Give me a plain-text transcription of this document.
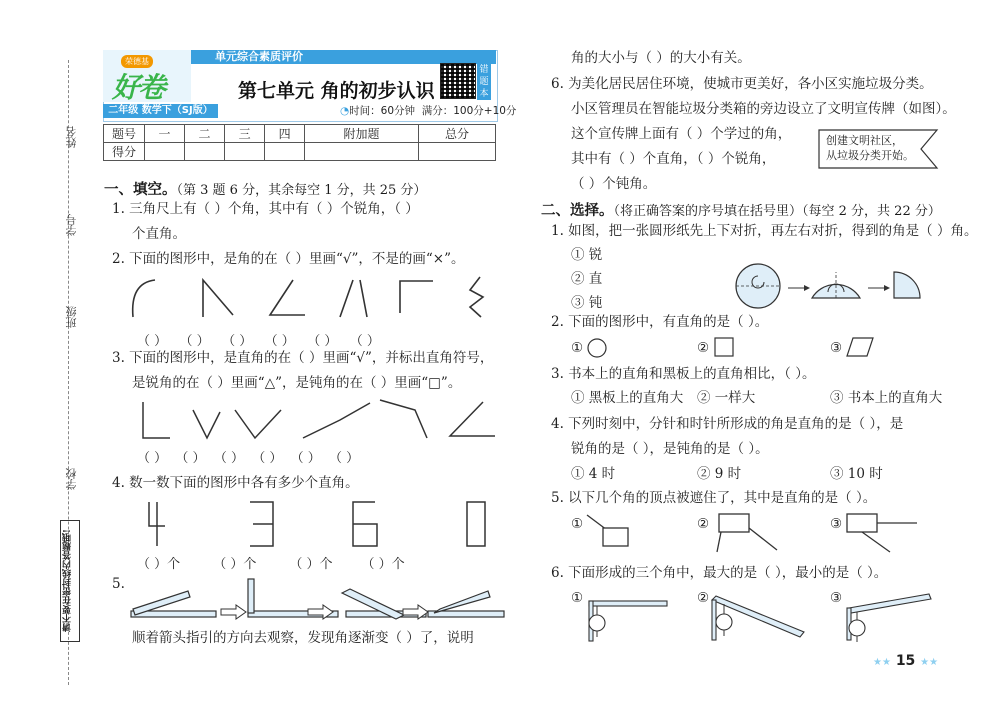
姓名
学号
班级
学校
请不要在密封线内答题哦!
荣德基
好卷
单元综合素质评价
二年级 数学下（SJ版）
第七单元 角的初步认识
◔时间：60分钟 满分：100分+10分
错题本
题号	一	二	三	四	附加题	总分
得分						
一、填空。（第 3 题 6 分，其余每空 1 分，共 25 分）
1. 三角尺上有（ ）个角，其中有（ ）个锐角，（ ）
个直角。
2. 下面的图形中，是角的在（ ）里画“√”，不是的画“×”。
（ ） （ ） （ ） （ ） （ ） （ ）
3. 下面的图形中，是直角的在（ ）里画“√”，并标出直角符号，
是锐角的在（ ）里画“△”，是钝角的在（ ）里画“□”。
（ ） （ ） （ ） （ ） （ ） （ ）
4. 数一数下面的图形中各有多少个直角。
（ ）个	（ ）个	（ ）个 （ ）个
5.
顺着箭头指引的方向去观察，发现角逐渐变（ ）了，说明
角的大小与（ ）的大小有关。
6. 为美化居民居住环境，使城市更美好，各小区实施垃圾分类。
小区管理员在智能垃圾分类箱的旁边设立了文明宣传牌（如图）。
这个宣传牌上面有（ ）个学过的角，
其中有（ ）个直角，（ ）个锐角，
（ ）个钝角。
创建文明社区，
从垃圾分类开始。
二、选择。（将正确答案的序号填在括号里）（每空 2 分，共 22 分）
1. 如图，把一张圆形纸先上下对折，再左右对折，得到的角是（ ）角。
① 锐
② 直
③ 钝
2. 下面的图形中，有直角的是（ ）。
①	②	③
3. 书本上的直角和黑板上的直角相比，（ ）。
① 黑板上的直角大 ② 一样大	③ 书本上的直角大
4. 下列时刻中，分针和时针所形成的角是直角的是（ ），是
锐角的是（ ），是钝角的是（ ）。
① 4 时	② 9 时	③ 10 时
5. 以下几个角的顶点被遮住了，其中是直角的是（ ）。
①	②	③
6. 下面形成的三个角中，最大的是（ ），最小的是（ ）。
①	②	③
★★ 15 ★★
